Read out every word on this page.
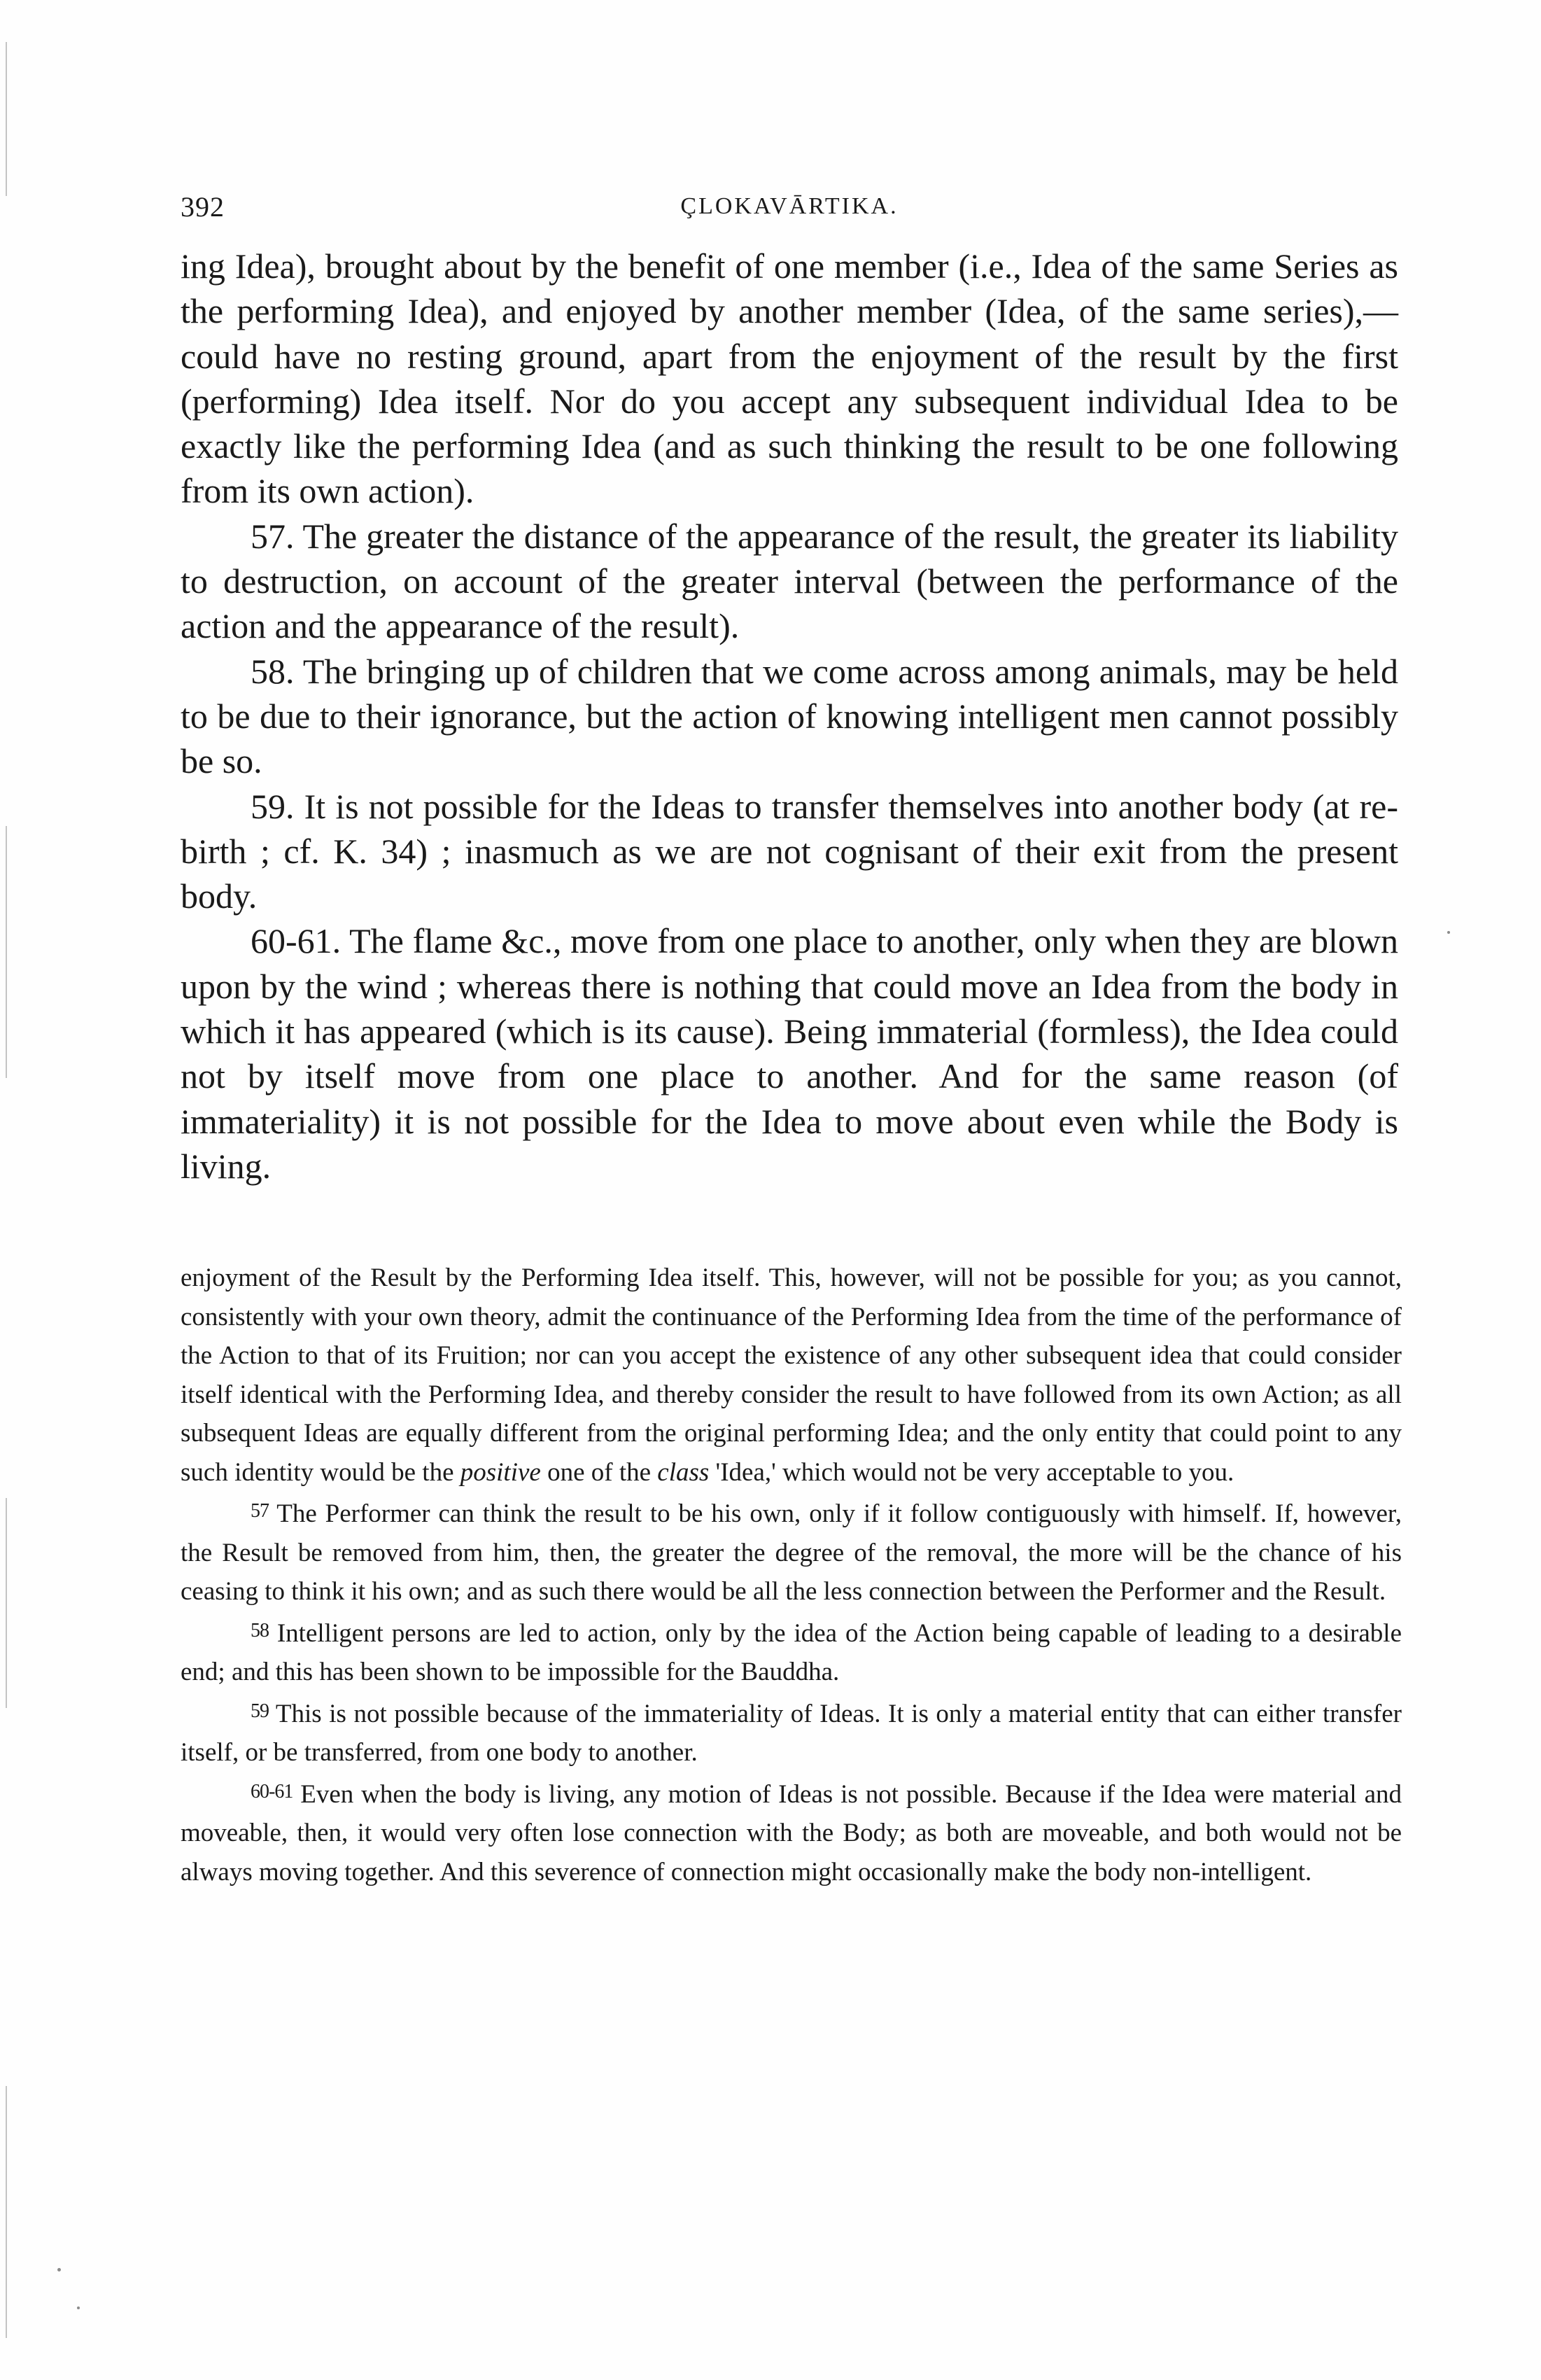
392	ÇLOKAVĀRTIKA.

ing Idea), brought about by the benefit of one member (i.e., Idea of the same Series as the performing Idea), and enjoyed by another member (Idea, of the same series),—could have no resting ground, apart from the enjoyment of the result by the first (performing) Idea itself. Nor do you accept any subsequent individual Idea to be exactly like the performing Idea (and as such thinking the result to be one following from its own action).

57. The greater the distance of the appearance of the result, the greater its liability to destruction, on account of the greater interval (between the performance of the action and the appearance of the result).

58. The bringing up of children that we come across among animals, may be held to be due to their ignorance, but the action of knowing intelligent men cannot possibly be so.

59. It is not possible for the Ideas to transfer themselves into another body (at re-birth ; cf. K. 34) ; inasmuch as we are not cognisant of their exit from the present body.

60-61. The flame &c., move from one place to another, only when they are blown upon by the wind ; whereas there is nothing that could move an Idea from the body in which it has appeared (which is its cause). Being immaterial (formless), the Idea could not by itself move from one place to another. And for the same reason (of immateriality) it is not possible for the Idea to move about even while the Body is living.

enjoyment of the Result by the Performing Idea itself. This, however, will not be possible for you; as you cannot, consistently with your own theory, admit the continuance of the Performing Idea from the time of the performance of the Action to that of its Fruition; nor can you accept the existence of any other subsequent idea that could consider itself identical with the Performing Idea, and thereby consider the result to have followed from its own Action; as all subsequent Ideas are equally different from the original performing Idea; and the only entity that could point to any such identity would be the positive one of the class 'Idea,' which would not be very acceptable to you.

57 The Performer can think the result to be his own, only if it follow contiguously with himself. If, however, the Result be removed from him, then, the greater the degree of the removal, the more will be the chance of his ceasing to think it his own; and as such there would be all the less connection between the Performer and the Result.

58 Intelligent persons are led to action, only by the idea of the Action being capable of leading to a desirable end; and this has been shown to be impossible for the Bauddha.

59 This is not possible because of the immateriality of Ideas. It is only a material entity that can either transfer itself, or be transferred, from one body to another.

60-61 Even when the body is living, any motion of Ideas is not possible. Because if the Idea were material and moveable, then, it would very often lose connection with the Body; as both are moveable, and both would not be always moving together. And this severence of connection might occasionally make the body non-intelligent.
